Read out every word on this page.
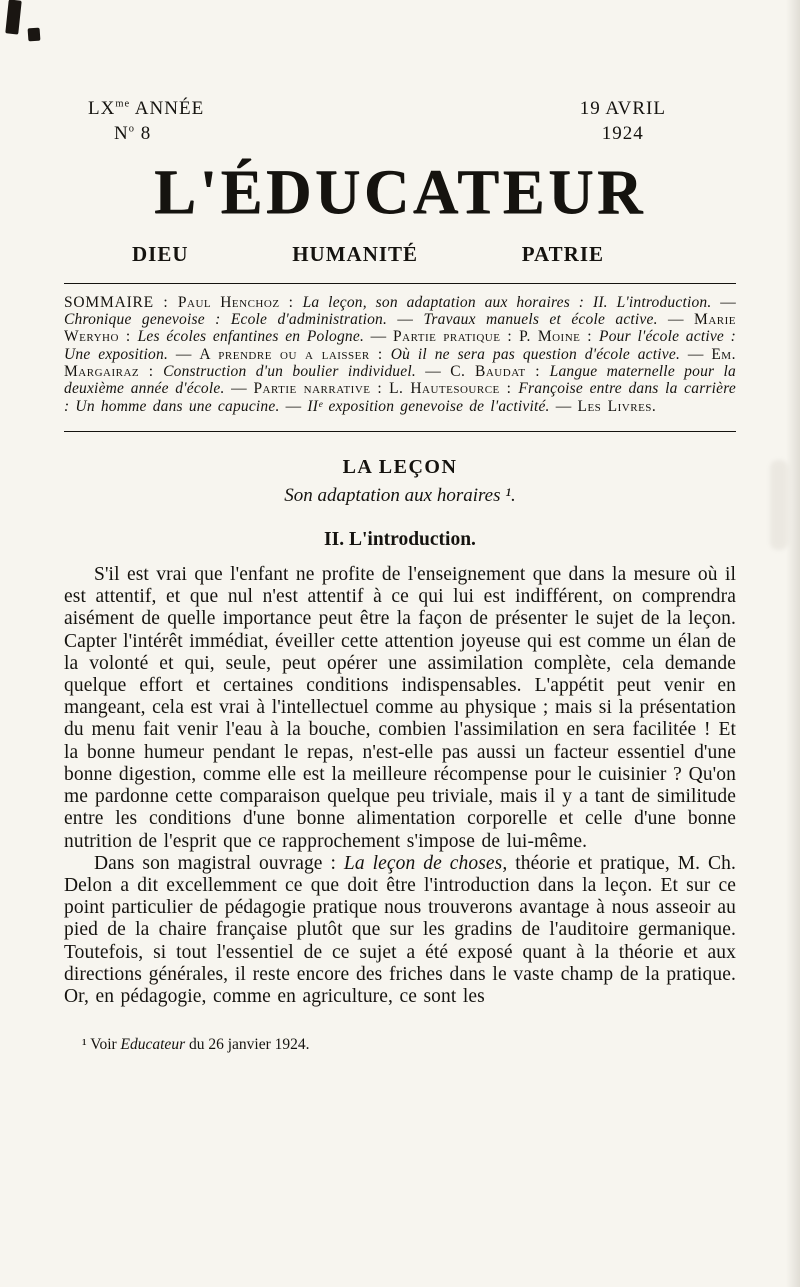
$LX^{me}$ ANNÉE
$N^o$ 8
19 AVRIL
1924
L'ÉDUCATEUR
DIEU	HUMANITÉ	PATRIE

SOMMAIRE : Paul Henchoz : La leçon, son adaptation aux horaires : II. L'introduction. — Chronique genevoise : Ecole d'administration. — Travaux manuels et école active. — Marie Weryho : Les écoles enfantines en Pologne. — Partie pratique : P. Moine : Pour l'école active : Une exposition. — A prendre ou a laisser : Où il ne sera pas question d'école active. — Em. Margairaz : Construction d'un boulier individuel. — C. Baudat : Langue maternelle pour la deuxième année d'école. — Partie narrative : L. Hautesource : Françoise entre dans la carrière : Un homme dans une capucine. — IIᵉ exposition genevoise de l'activité. — Les Livres.

LA LEÇON
Son adaptation aux horaires ¹.
II. L'introduction.

S'il est vrai que l'enfant ne profite de l'enseignement que dans la mesure où il est attentif, et que nul n'est attentif à ce qui lui est indifférent, on comprendra aisément de quelle importance peut être la façon de présenter le sujet de la leçon. Capter l'intérêt immédiat, éveiller cette attention joyeuse qui est comme un élan de la volonté et qui, seule, peut opérer une assimilation complète, cela demande quelque effort et certaines conditions indispensables. L'appétit peut venir en mangeant, cela est vrai à l'intellectuel comme au physique ; mais si la présentation du menu fait venir l'eau à la bouche, combien l'assimilation en sera facilitée ! Et la bonne humeur pendant le repas, n'est-elle pas aussi un facteur essentiel d'une bonne digestion, comme elle est la meilleure récompense pour le cuisinier ? Qu'on me pardonne cette comparaison quelque peu triviale, mais il y a tant de similitude entre les conditions d'une bonne alimentation corporelle et celle d'une bonne nutrition de l'esprit que ce rapprochement s'impose de lui-même.

Dans son magistral ouvrage : La leçon de choses, théorie et pratique, M. Ch. Delon a dit excellemment ce que doit être l'introduction dans la leçon. Et sur ce point particulier de pédagogie pratique nous trouverons avantage à nous asseoir au pied de la chaire française plutôt que sur les gradins de l'auditoire germanique. Toutefois, si tout l'essentiel de ce sujet a été exposé quant à la théorie et aux directions générales, il reste encore des friches dans le vaste champ de la pratique. Or, en pédagogie, comme en agriculture, ce sont les

¹ Voir Educateur du 26 janvier 1924.
